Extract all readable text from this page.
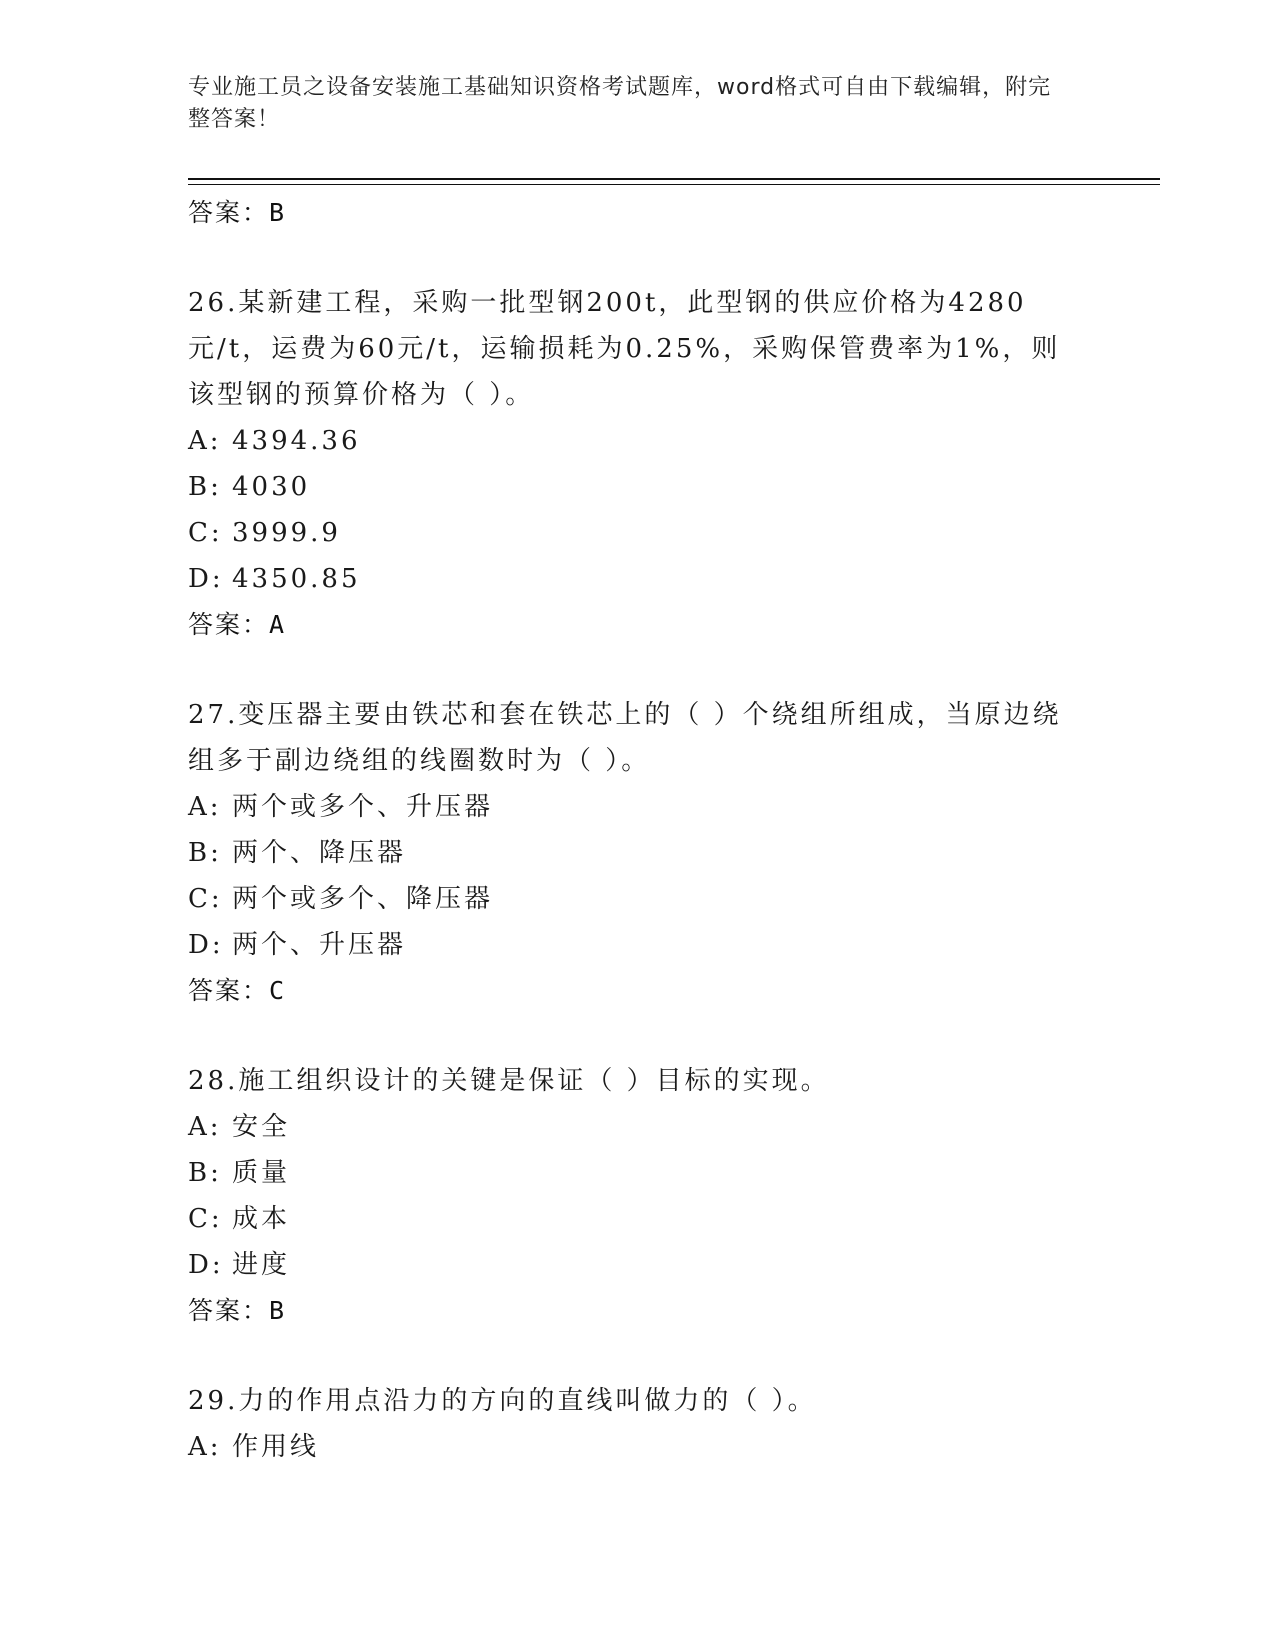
专业施工员之设备安装施工基础知识资格考试题库，word格式可自由下载编辑，附完整答案！
答案：B
26.某新建工程，采购一批型钢200t，此型钢的供应价格为4280元/t，运费为60元/t，运输损耗为0.25%，采购保管费率为1%，则该型钢的预算价格为（ ）。
A: 4394.36
B: 4030
C: 3999.9
D: 4350.85
答案：A
27.变压器主要由铁芯和套在铁芯上的（ ）个绕组所组成，当原边绕组多于副边绕组的线圈数时为（ ）。
A: 两个或多个、升压器
B: 两个、降压器
C: 两个或多个、降压器
D: 两个、升压器
答案：C
28.施工组织设计的关键是保证（ ）目标的实现。
A: 安全
B: 质量
C: 成本
D: 进度
答案：B
29.力的作用点沿力的方向的直线叫做力的（ ）。
A: 作用线
